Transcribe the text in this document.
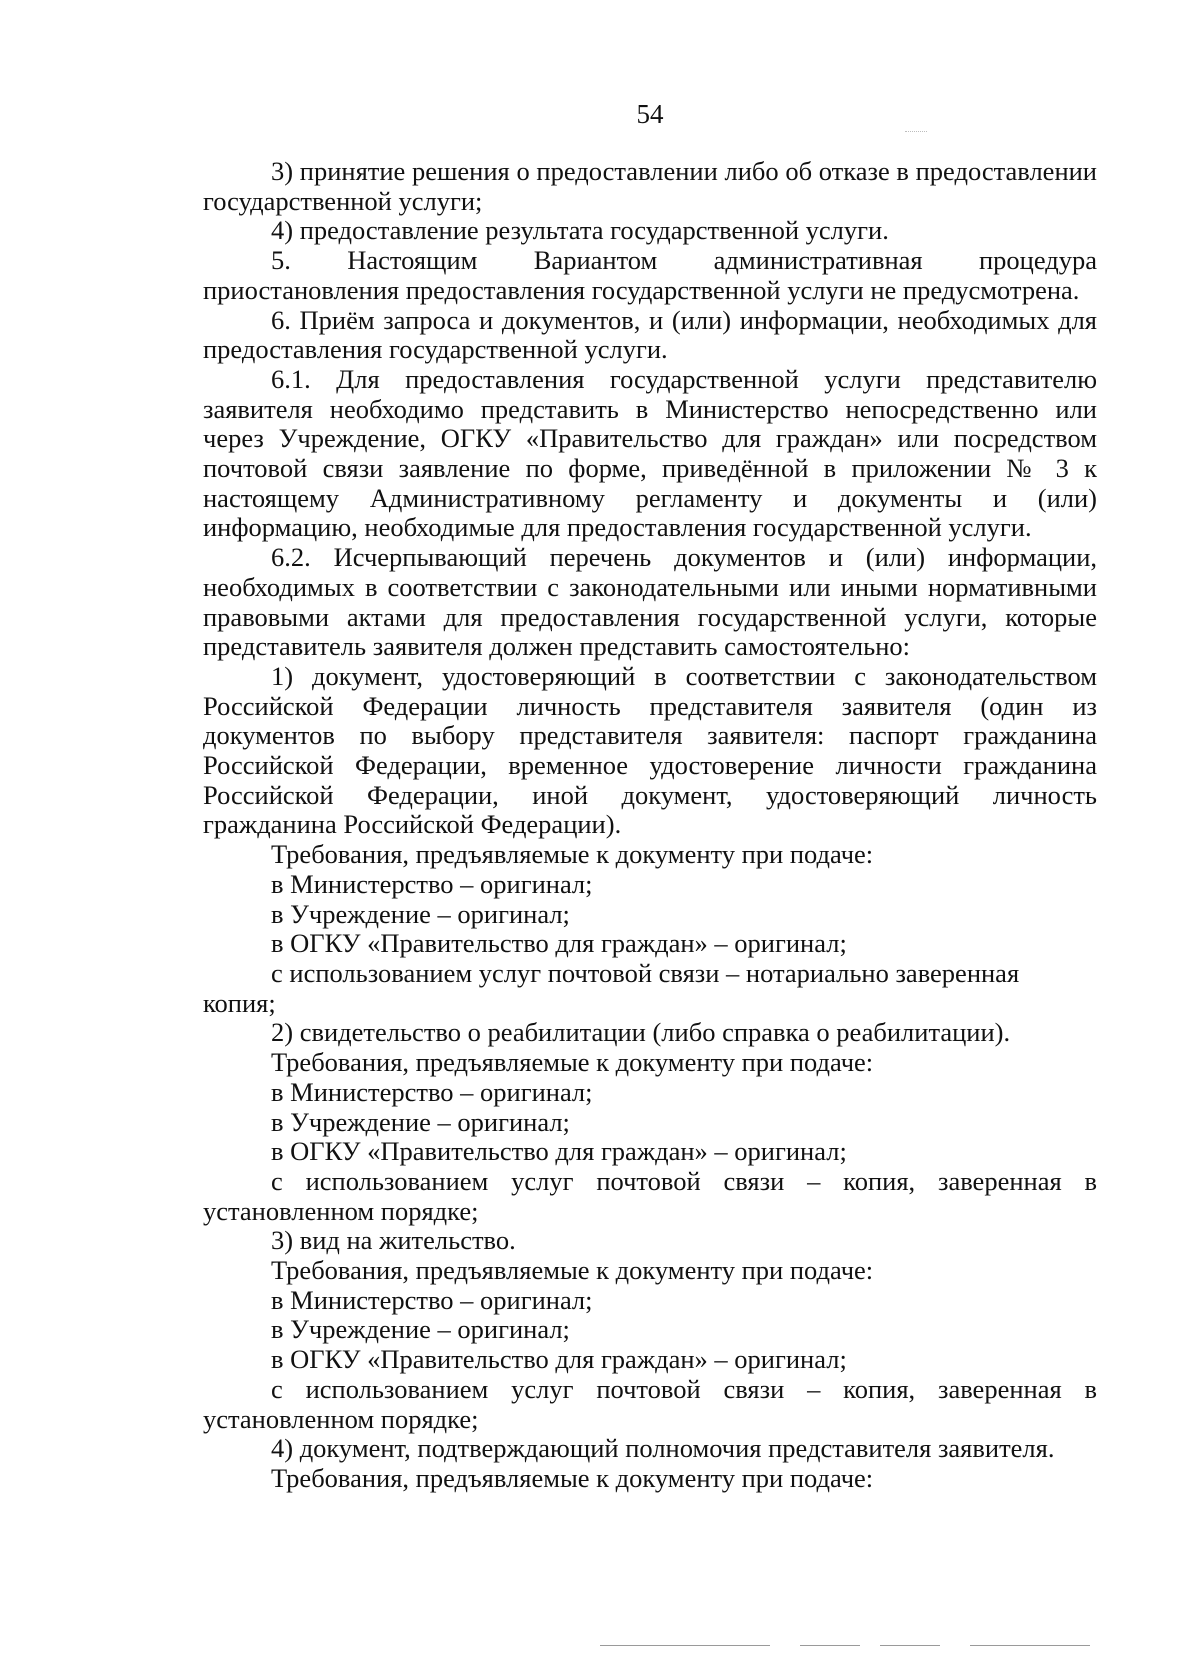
54

3) принятие решения о предоставлении либо об отказе в предоставлении государственной услуги;

4) предоставление результата государственной услуги.

5. Настоящим Вариантом административная процедура приостановления предоставления государственной услуги не предусмотрена.

6. Приём запроса и документов, и (или) информации, необходимых для предоставления государственной услуги.

6.1. Для предоставления государственной услуги представителю заявителя необходимо представить в Министерство непосредственно или через Учреждение, ОГКУ «Правительство для граждан» или посредством почтовой связи заявление по форме, приведённой в приложении № 3 к настоящему Административному регламенту и документы и (или) информацию, необходимые для предоставления государственной услуги.

6.2. Исчерпывающий перечень документов и (или) информации, необходимых в соответствии с законодательными или иными нормативными правовыми актами для предоставления государственной услуги, которые представитель заявителя должен представить самостоятельно:

1) документ, удостоверяющий в соответствии с законодательством Российской Федерации личность представителя заявителя (один из документов по выбору представителя заявителя: паспорт гражданина Российской Федерации, временное удостоверение личности гражданина Российской Федерации, иной документ, удостоверяющий личность гражданина Российской Федерации).

Требования, предъявляемые к документу при подаче:

в Министерство – оригинал;

в Учреждение – оригинал;

в ОГКУ «Правительство для граждан» – оригинал;

с использованием услуг почтовой связи – нотариально заверенная копия;

2) свидетельство о реабилитации (либо справка о реабилитации).

Требования, предъявляемые к документу при подаче:

в Министерство – оригинал;

в Учреждение – оригинал;

в ОГКУ «Правительство для граждан» – оригинал;

с использованием услуг почтовой связи – копия, заверенная в установленном порядке;

3) вид на жительство.

Требования, предъявляемые к документу при подаче:

в Министерство – оригинал;

в Учреждение – оригинал;

в ОГКУ «Правительство для граждан» – оригинал;

с использованием услуг почтовой связи – копия, заверенная в установленном порядке;

4) документ, подтверждающий полномочия представителя заявителя.

Требования, предъявляемые к документу при подаче:
